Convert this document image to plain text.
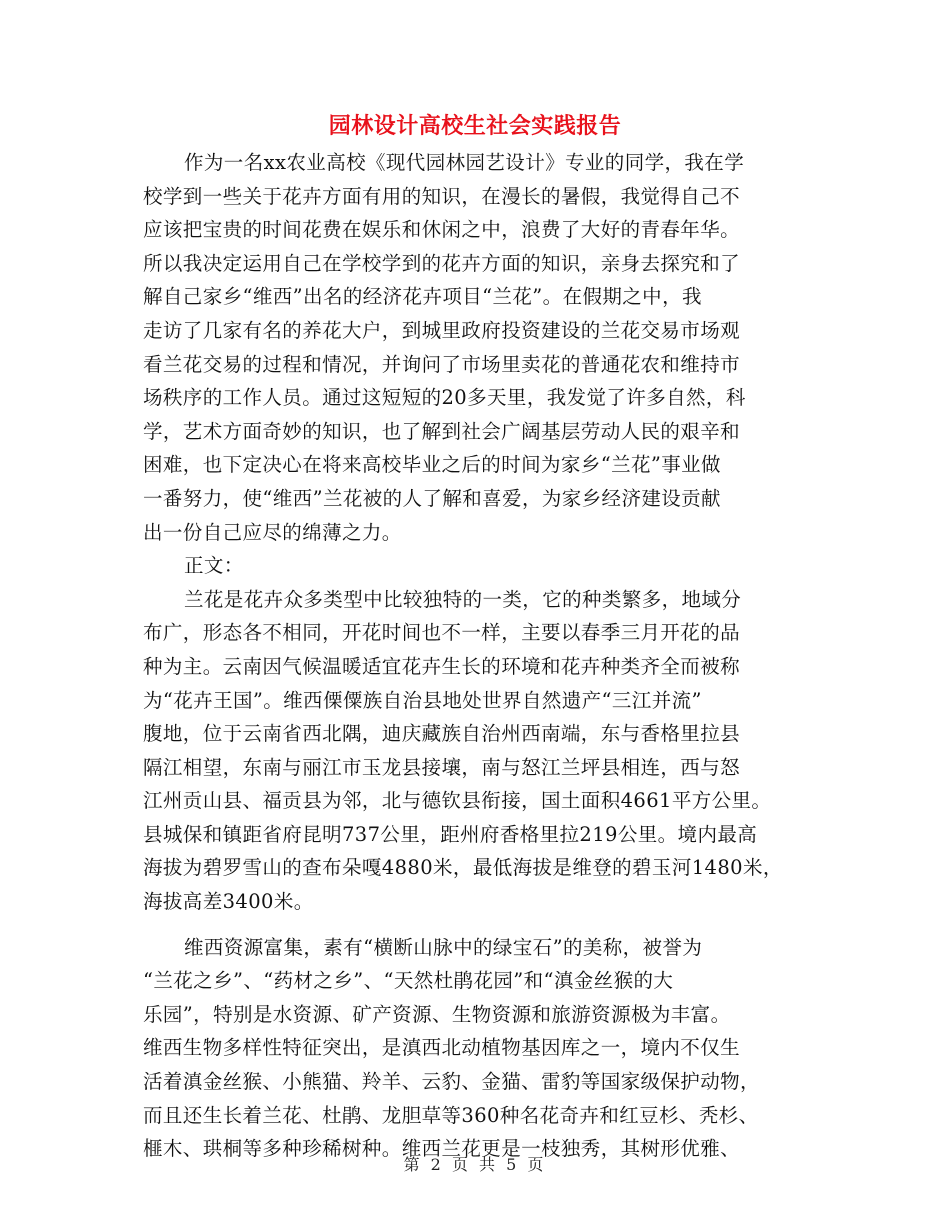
园林设计高校生社会实践报告
作为一名xx农业高校《现代园林园艺设计》专业的同学，我在学
校学到一些关于花卉方面有用的知识，在漫长的暑假，我觉得自己不
应该把宝贵的时间花费在娱乐和休闲之中，浪费了大好的青春年华。
所以我决定运用自己在学校学到的花卉方面的知识，亲身去探究和了
解自己家乡“维西”出名的经济花卉项目“兰花”。在假期之中，我
走访了几家有名的养花大户，到城里政府投资建设的兰花交易市场观
看兰花交易的过程和情况，并询问了市场里卖花的普通花农和维持市
场秩序的工作人员。通过这短短的20多天里，我发觉了许多自然，科
学，艺术方面奇妙的知识，也了解到社会广阔基层劳动人民的艰辛和
困难，也下定决心在将来高校毕业之后的时间为家乡“兰花”事业做
一番努力，使“维西”兰花被的人了解和喜爱，为家乡经济建设贡献
出一份自己应尽的绵薄之力。
正文：
兰花是花卉众多类型中比较独特的一类，它的种类繁多，地域分
布广，形态各不相同，开花时间也不一样，主要以春季三月开花的品
种为主。云南因气候温暖适宜花卉生长的环境和花卉种类齐全而被称
为“花卉王国”。维西傈僳族自治县地处世界自然遗产“三江并流”
腹地，位于云南省西北隅，迪庆藏族自治州西南端，东与香格里拉县
隔江相望，东南与丽江市玉龙县接壤，南与怒江兰坪县相连，西与怒
江州贡山县、福贡县为邻，北与德钦县衔接，国土面积4661平方公里。
县城保和镇距省府昆明737公里，距州府香格里拉219公里。境内最高
海拔为碧罗雪山的查布朵嘎4880米，最低海拔是维登的碧玉河1480米，
海拔高差3400米。
维西资源富集，素有“横断山脉中的绿宝石”的美称，被誉为
“兰花之乡”、“药材之乡”、“天然杜鹃花园”和“滇金丝猴的大
乐园”，特别是水资源、矿产资源、生物资源和旅游资源极为丰富。
维西生物多样性特征突出，是滇西北动植物基因库之一，境内不仅生
活着滇金丝猴、小熊猫、羚羊、云豹、金猫、雷豹等国家级保护动物，
而且还生长着兰花、杜鹃、龙胆草等360种名花奇卉和红豆杉、秃杉、
榧木、珙桐等多种珍稀树种。维西兰花更是一枝独秀，其树形优雅、
第 2 页 共 5 页
